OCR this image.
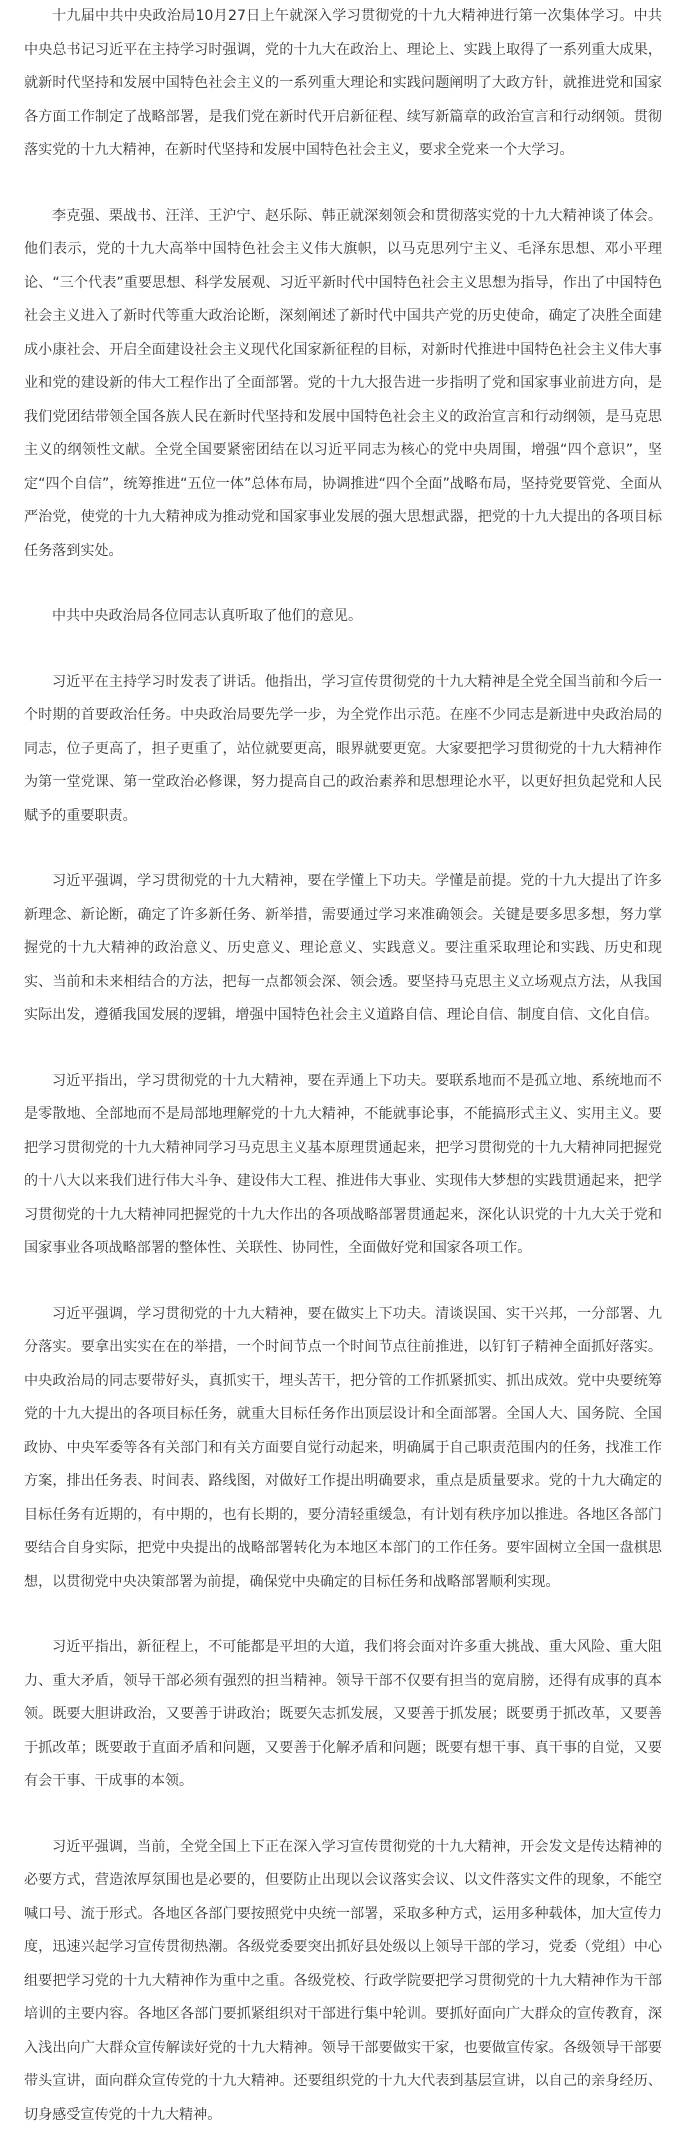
十九届中共中央政治局10月27日上午就深入学习贯彻党的十九大精神进行第一次集体学习。中共中央总书记习近平在主持学习时强调，党的十九大在政治上、理论上、实践上取得了一系列重大成果，就新时代坚持和发展中国特色社会主义的一系列重大理论和实践问题阐明了大政方针，就推进党和国家各方面工作制定了战略部署，是我们党在新时代开启新征程、续写新篇章的政治宣言和行动纲领。贯彻落实党的十九大精神，在新时代坚持和发展中国特色社会主义，要求全党来一个大学习。

李克强、栗战书、汪洋、王沪宁、赵乐际、韩正就深刻领会和贯彻落实党的十九大精神谈了体会。他们表示，党的十九大高举中国特色社会主义伟大旗帜，以马克思列宁主义、毛泽东思想、邓小平理论、“三个代表”重要思想、科学发展观、习近平新时代中国特色社会主义思想为指导，作出了中国特色社会主义进入了新时代等重大政治论断，深刻阐述了新时代中国共产党的历史使命，确定了决胜全面建成小康社会、开启全面建设社会主义现代化国家新征程的目标，对新时代推进中国特色社会主义伟大事业和党的建设新的伟大工程作出了全面部署。党的十九大报告进一步指明了党和国家事业前进方向，是我们党团结带领全国各族人民在新时代坚持和发展中国特色社会主义的政治宣言和行动纲领，是马克思主义的纲领性文献。全党全国要紧密团结在以习近平同志为核心的党中央周围，增强“四个意识”，坚定“四个自信”，统筹推进“五位一体”总体布局，协调推进“四个全面”战略布局，坚持党要管党、全面从严治党，使党的十九大精神成为推动党和国家事业发展的强大思想武器，把党的十九大提出的各项目标任务落到实处。

中共中央政治局各位同志认真听取了他们的意见。

习近平在主持学习时发表了讲话。他指出，学习宣传贯彻党的十九大精神是全党全国当前和今后一个时期的首要政治任务。中央政治局要先学一步，为全党作出示范。在座不少同志是新进中央政治局的同志，位子更高了，担子更重了，站位就要更高，眼界就要更宽。大家要把学习贯彻党的十九大精神作为第一堂党课、第一堂政治必修课，努力提高自己的政治素养和思想理论水平，以更好担负起党和人民赋予的重要职责。

习近平强调，学习贯彻党的十九大精神，要在学懂上下功夫。学懂是前提。党的十九大提出了许多新理念、新论断，确定了许多新任务、新举措，需要通过学习来准确领会。关键是要多思多想，努力掌握党的十九大精神的政治意义、历史意义、理论意义、实践意义。要注重采取理论和实践、历史和现实、当前和未来相结合的方法，把每一点都领会深、领会透。要坚持马克思主义立场观点方法，从我国实际出发，遵循我国发展的逻辑，增强中国特色社会主义道路自信、理论自信、制度自信、文化自信。

习近平指出，学习贯彻党的十九大精神，要在弄通上下功夫。要联系地而不是孤立地、系统地而不是零散地、全部地而不是局部地理解党的十九大精神，不能就事论事，不能搞形式主义、实用主义。要把学习贯彻党的十九大精神同学习马克思主义基本原理贯通起来，把学习贯彻党的十九大精神同把握党的十八大以来我们进行伟大斗争、建设伟大工程、推进伟大事业、实现伟大梦想的实践贯通起来，把学习贯彻党的十九大精神同把握党的十九大作出的各项战略部署贯通起来，深化认识党的十九大关于党和国家事业各项战略部署的整体性、关联性、协同性，全面做好党和国家各项工作。

习近平强调，学习贯彻党的十九大精神，要在做实上下功夫。清谈误国、实干兴邦，一分部署、九分落实。要拿出实实在在的举措，一个时间节点一个时间节点往前推进，以钉钉子精神全面抓好落实。中央政治局的同志要带好头，真抓实干，埋头苦干，把分管的工作抓紧抓实、抓出成效。党中央要统筹党的十九大提出的各项目标任务，就重大目标任务作出顶层设计和全面部署。全国人大、国务院、全国政协、中央军委等各有关部门和有关方面要自觉行动起来，明确属于自己职责范围内的任务，找准工作方案，排出任务表、时间表、路线图，对做好工作提出明确要求，重点是质量要求。党的十九大确定的目标任务有近期的，有中期的，也有长期的，要分清轻重缓急，有计划有秩序加以推进。各地区各部门要结合自身实际，把党中央提出的战略部署转化为本地区本部门的工作任务。要牢固树立全国一盘棋思想，以贯彻党中央决策部署为前提，确保党中央确定的目标任务和战略部署顺利实现。

习近平指出，新征程上，不可能都是平坦的大道，我们将会面对许多重大挑战、重大风险、重大阻力、重大矛盾，领导干部必须有强烈的担当精神。领导干部不仅要有担当的宽肩膀，还得有成事的真本领。既要大胆讲政治，又要善于讲政治；既要矢志抓发展，又要善于抓发展；既要勇于抓改革，又要善于抓改革；既要敢于直面矛盾和问题，又要善于化解矛盾和问题；既要有想干事、真干事的自觉，又要有会干事、干成事的本领。

习近平强调，当前，全党全国上下正在深入学习宣传贯彻党的十九大精神，开会发文是传达精神的必要方式，营造浓厚氛围也是必要的，但要防止出现以会议落实会议、以文件落实文件的现象，不能空喊口号、流于形式。各地区各部门要按照党中央统一部署，采取多种方式，运用多种载体，加大宣传力度，迅速兴起学习宣传贯彻热潮。各级党委要突出抓好县处级以上领导干部的学习，党委（党组）中心组要把学习党的十九大精神作为重中之重。各级党校、行政学院要把学习贯彻党的十九大精神作为干部培训的主要内容。各地区各部门要抓紧组织对干部进行集中轮训。要抓好面向广大群众的宣传教育，深入浅出向广大群众宣传解读好党的十九大精神。领导干部要做实干家，也要做宣传家。各级领导干部要带头宣讲，面向群众宣传党的十九大精神。还要组织党的十九大代表到基层宣讲，以自己的亲身经历、切身感受宣传党的十九大精神。
